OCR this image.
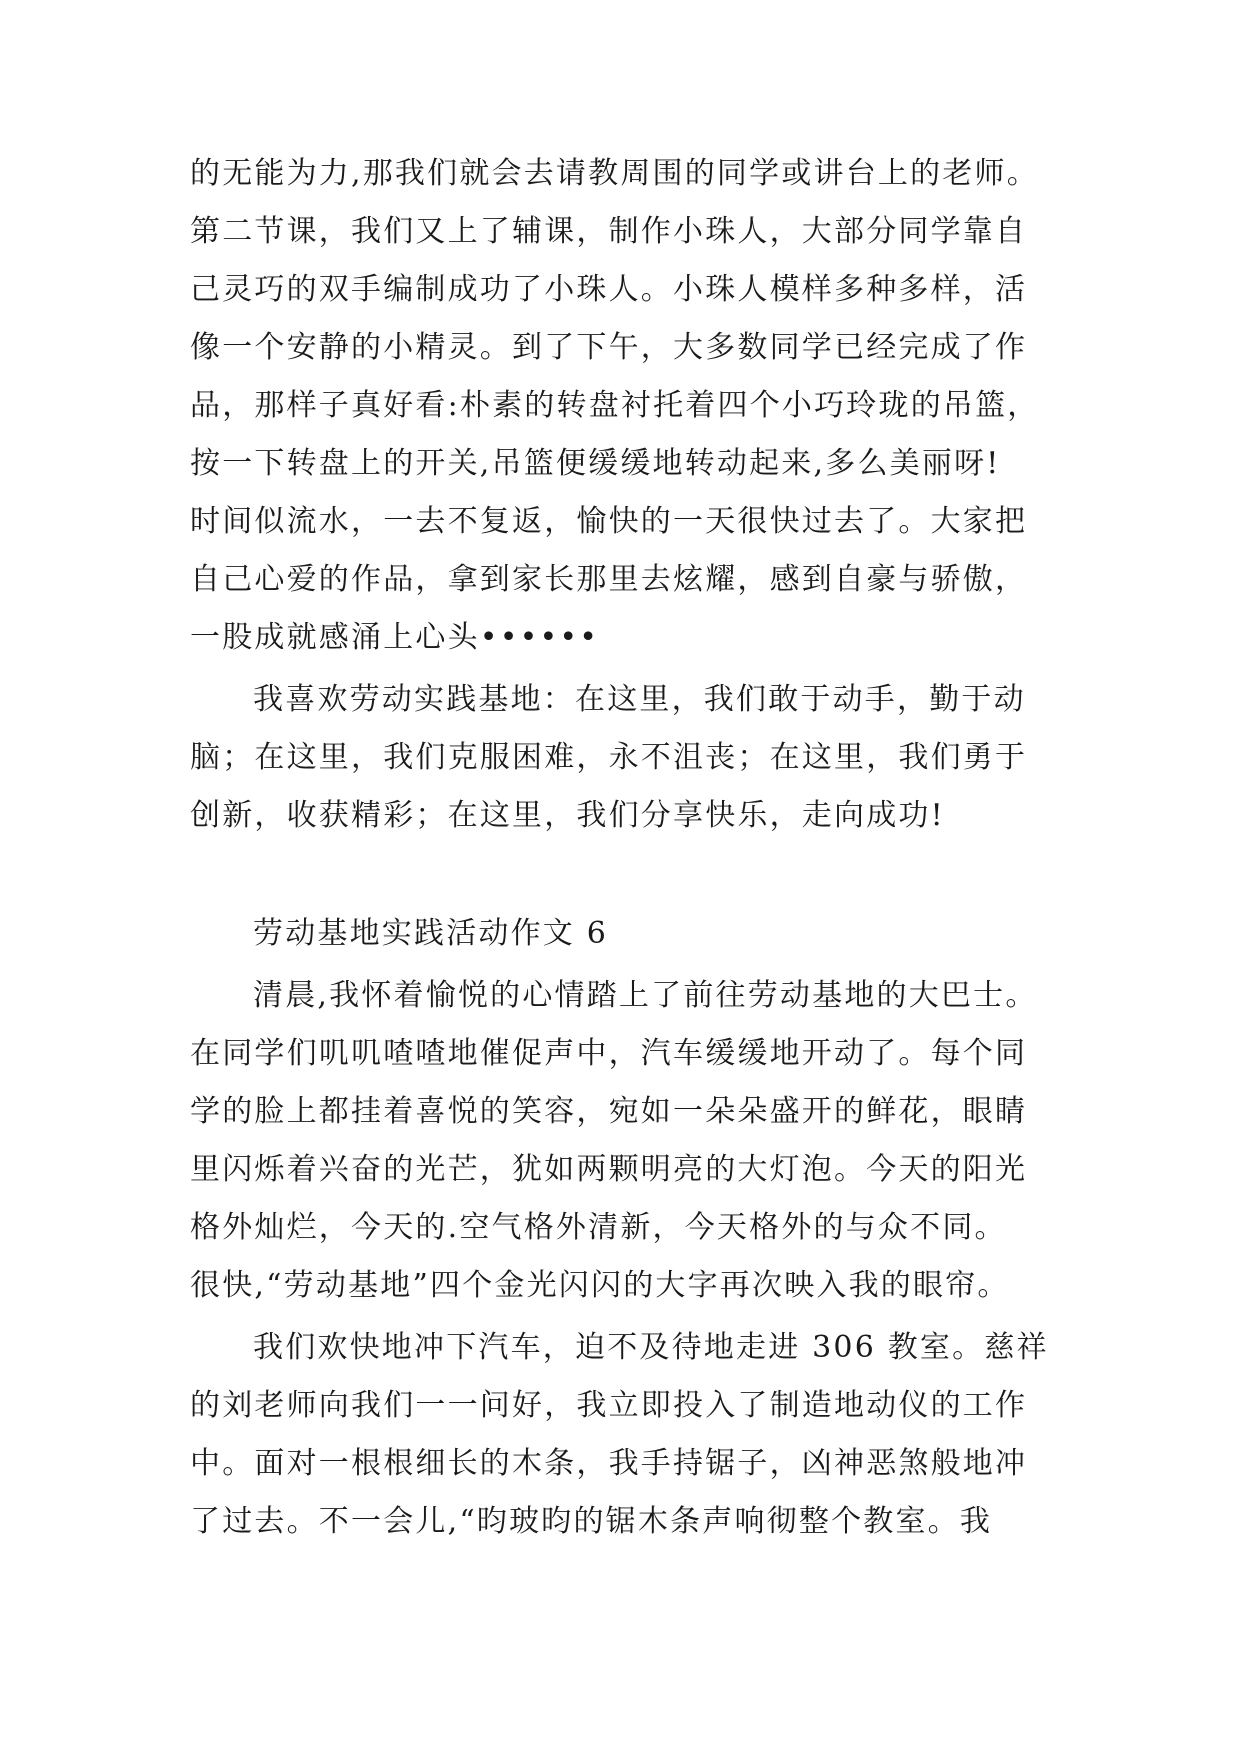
的无能为力,那我们就会去请教周围的同学或讲台上的老师。
第二节课，我们又上了辅课，制作小珠人，大部分同学靠自
己灵巧的双手编制成功了小珠人。小珠人模样多种多样，活
像一个安静的小精灵。到了下午，大多数同学已经完成了作
品，那样子真好看:朴素的转盘衬托着四个小巧玲珑的吊篮，
按一下转盘上的开关,吊篮便缓缓地转动起来,多么美丽呀!
时间似流水，一去不复返，愉快的一天很快过去了。大家把
自己心爱的作品，拿到家长那里去炫耀，感到自豪与骄傲，
一股成就感涌上心头••••••
我喜欢劳动实践基地：在这里，我们敢于动手，勤于动
脑；在这里，我们克服困难，永不沮丧；在这里，我们勇于
创新，收获精彩；在这里，我们分享快乐，走向成功!
劳动基地实践活动作文 6
清晨,我怀着愉悦的心情踏上了前往劳动基地的大巴士。
在同学们叽叽喳喳地催促声中，汽车缓缓地开动了。每个同
学的脸上都挂着喜悦的笑容，宛如一朵朵盛开的鲜花，眼睛
里闪烁着兴奋的光芒，犹如两颗明亮的大灯泡。今天的阳光
格外灿烂，今天的.空气格外清新，今天格外的与众不同。
很快,“劳动基地”四个金光闪闪的大字再次映入我的眼帘。
我们欢快地冲下汽车，迫不及待地走进 306 教室。慈祥
的刘老师向我们一一问好，我立即投入了制造地动仪的工作
中。面对一根根细长的木条，我手持锯子，凶神恶煞般地冲
了过去。不一会儿,“昀玻昀的锯木条声响彻整个教室。我
